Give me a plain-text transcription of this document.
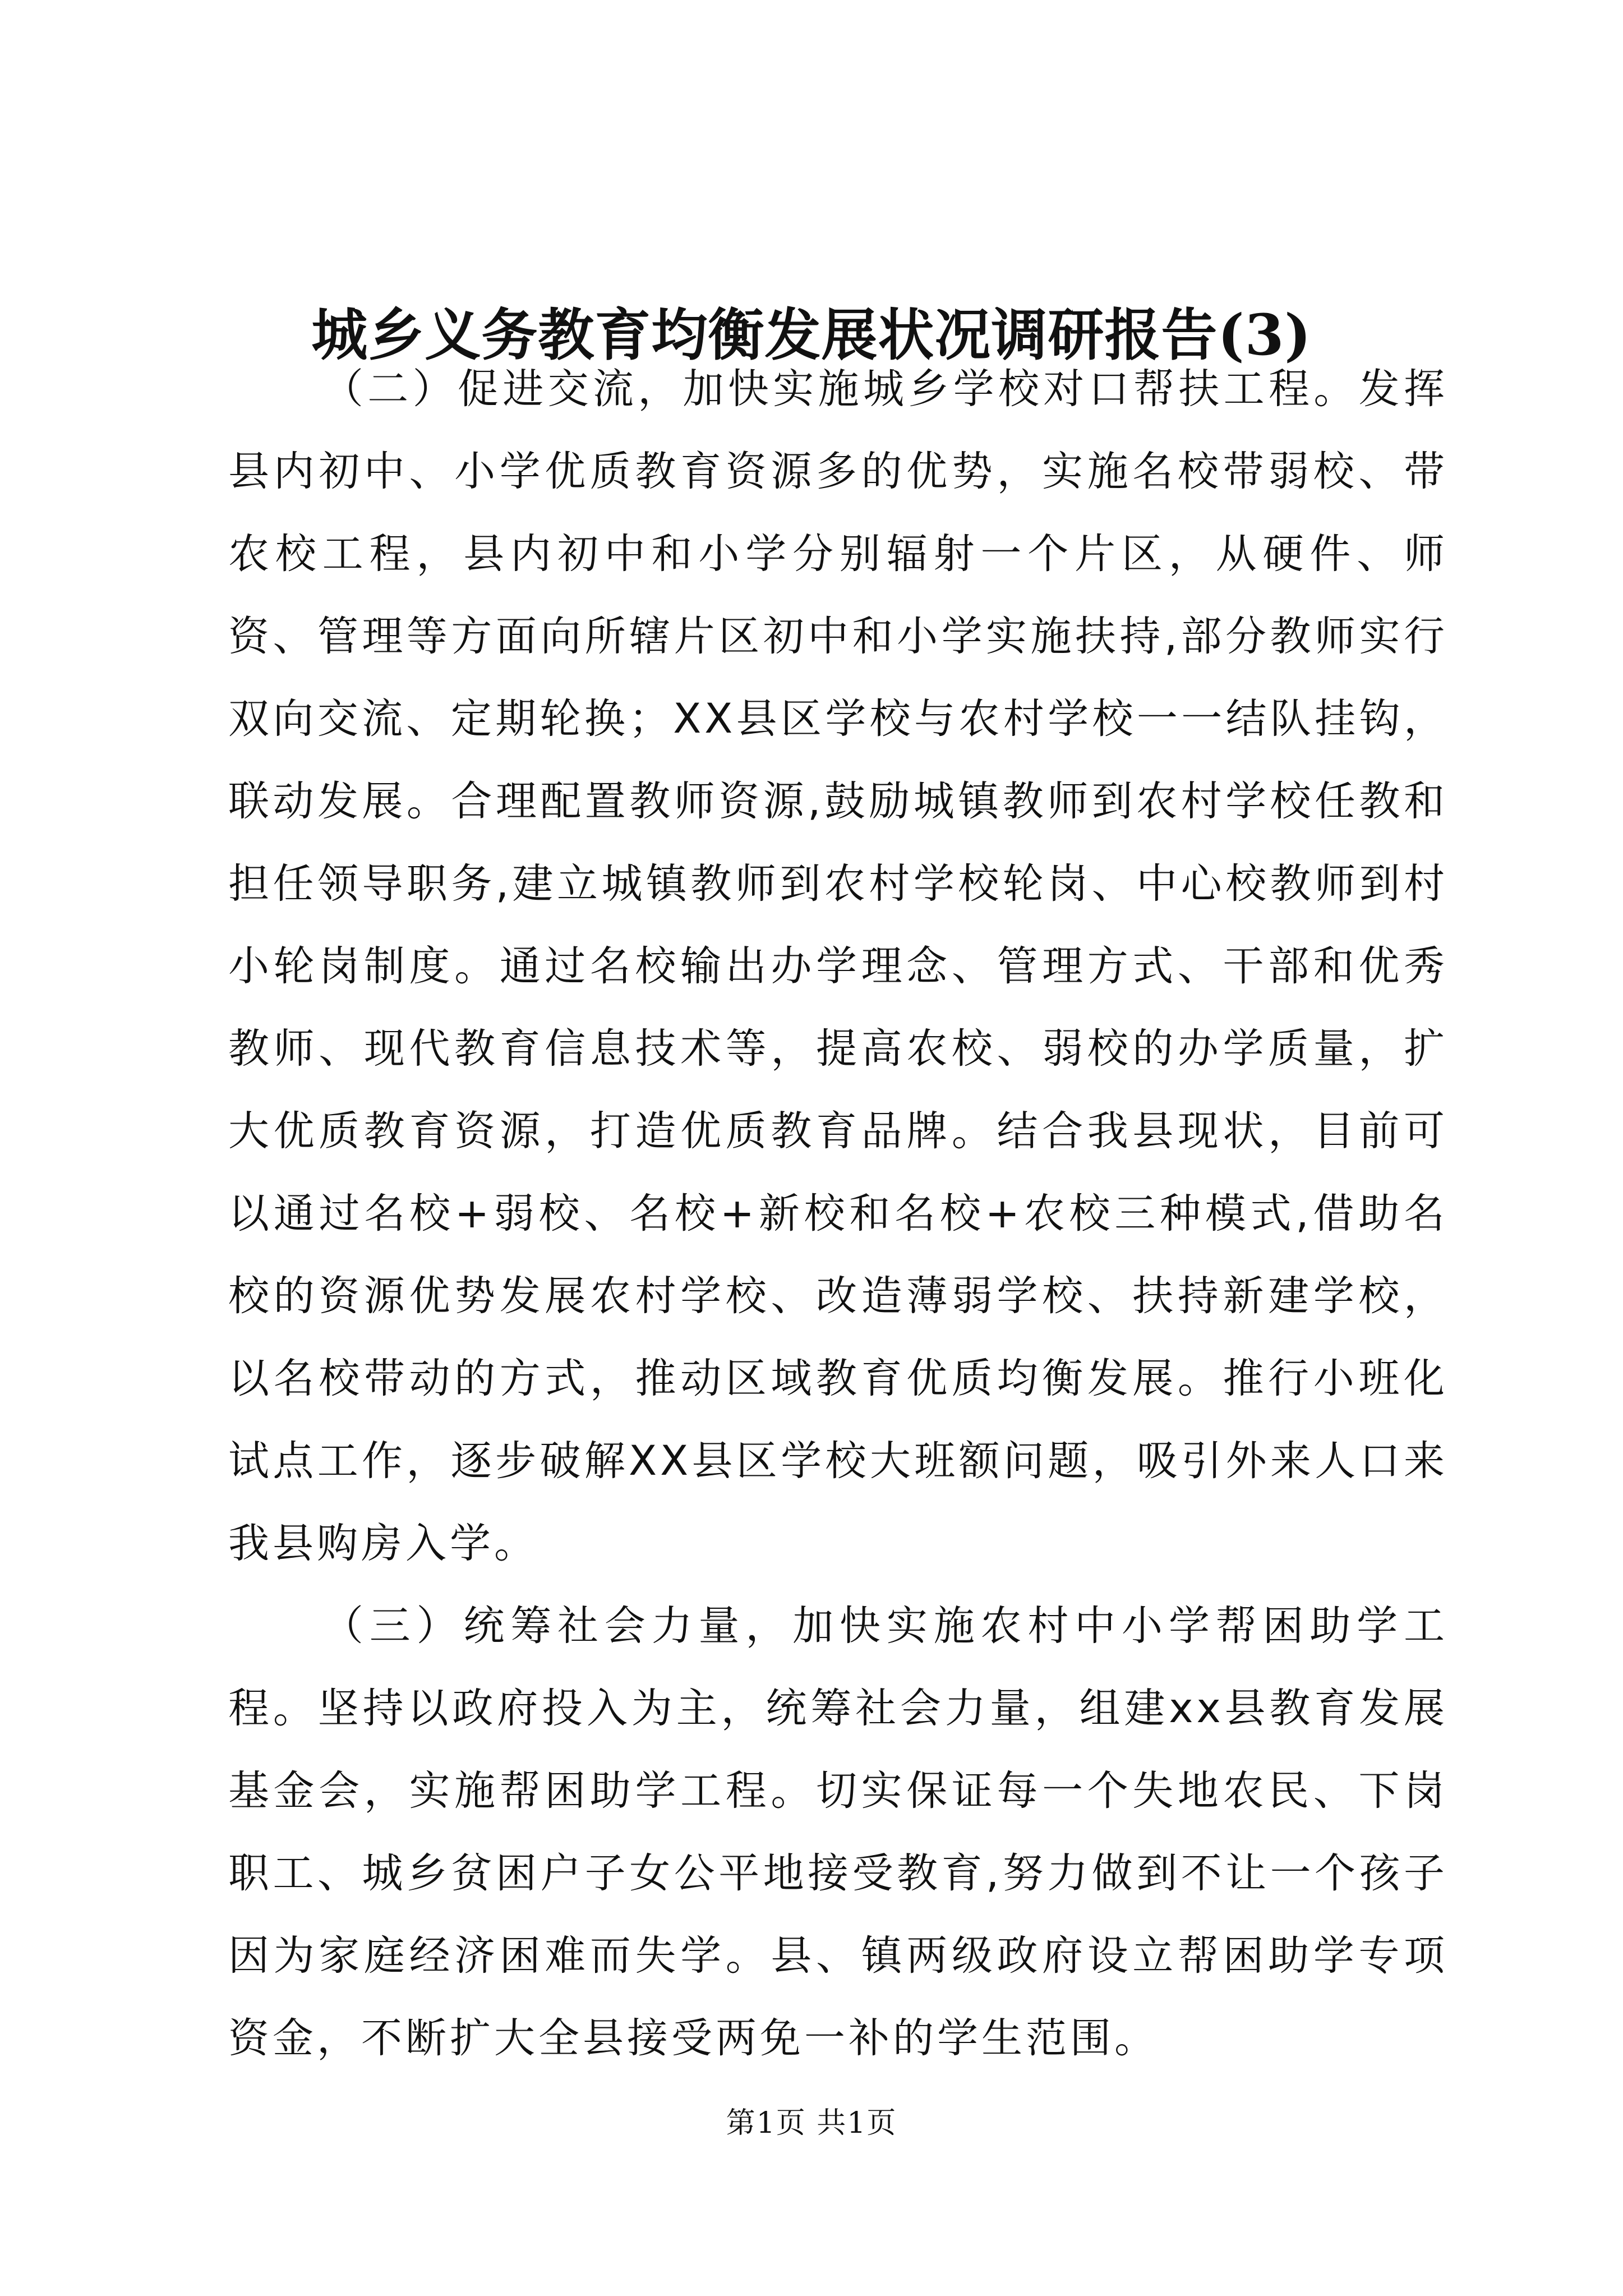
城乡义务教育均衡发展状况调研报告(3)

（二）促进交流，加快实施城乡学校对口帮扶工程。发挥县内初中、小学优质教育资源多的优势，实施名校带弱校、带农校工程，县内初中和小学分别辐射一个片区，从硬件、师资、管理等方面向所辖片区初中和小学实施扶持,部分教师实行双向交流、定期轮换；XX县区学校与农村学校一一结队挂钩，联动发展。合理配置教师资源,鼓励城镇教师到农村学校任教和担任领导职务,建立城镇教师到农村学校轮岗、中心校教师到村小轮岗制度。通过名校输出办学理念、管理方式、干部和优秀教师、现代教育信息技术等，提高农校、弱校的办学质量，扩大优质教育资源，打造优质教育品牌。结合我县现状，目前可以通过名校+弱校、名校+新校和名校+农校三种模式,借助名校的资源优势发展农村学校、改造薄弱学校、扶持新建学校，以名校带动的方式，推动区域教育优质均衡发展。推行小班化试点工作，逐步破解XX县区学校大班额问题，吸引外来人口来我县购房入学。

（三）统筹社会力量，加快实施农村中小学帮困助学工程。坚持以政府投入为主，统筹社会力量，组建xx县教育发展基金会，实施帮困助学工程。切实保证每一个失地农民、下岗职工、城乡贫困户子女公平地接受教育,努力做到不让一个孩子因为家庭经济困难而失学。县、镇两级政府设立帮困助学专项资金，不断扩大全县接受两免一补的学生范围。

第1页 共1页
